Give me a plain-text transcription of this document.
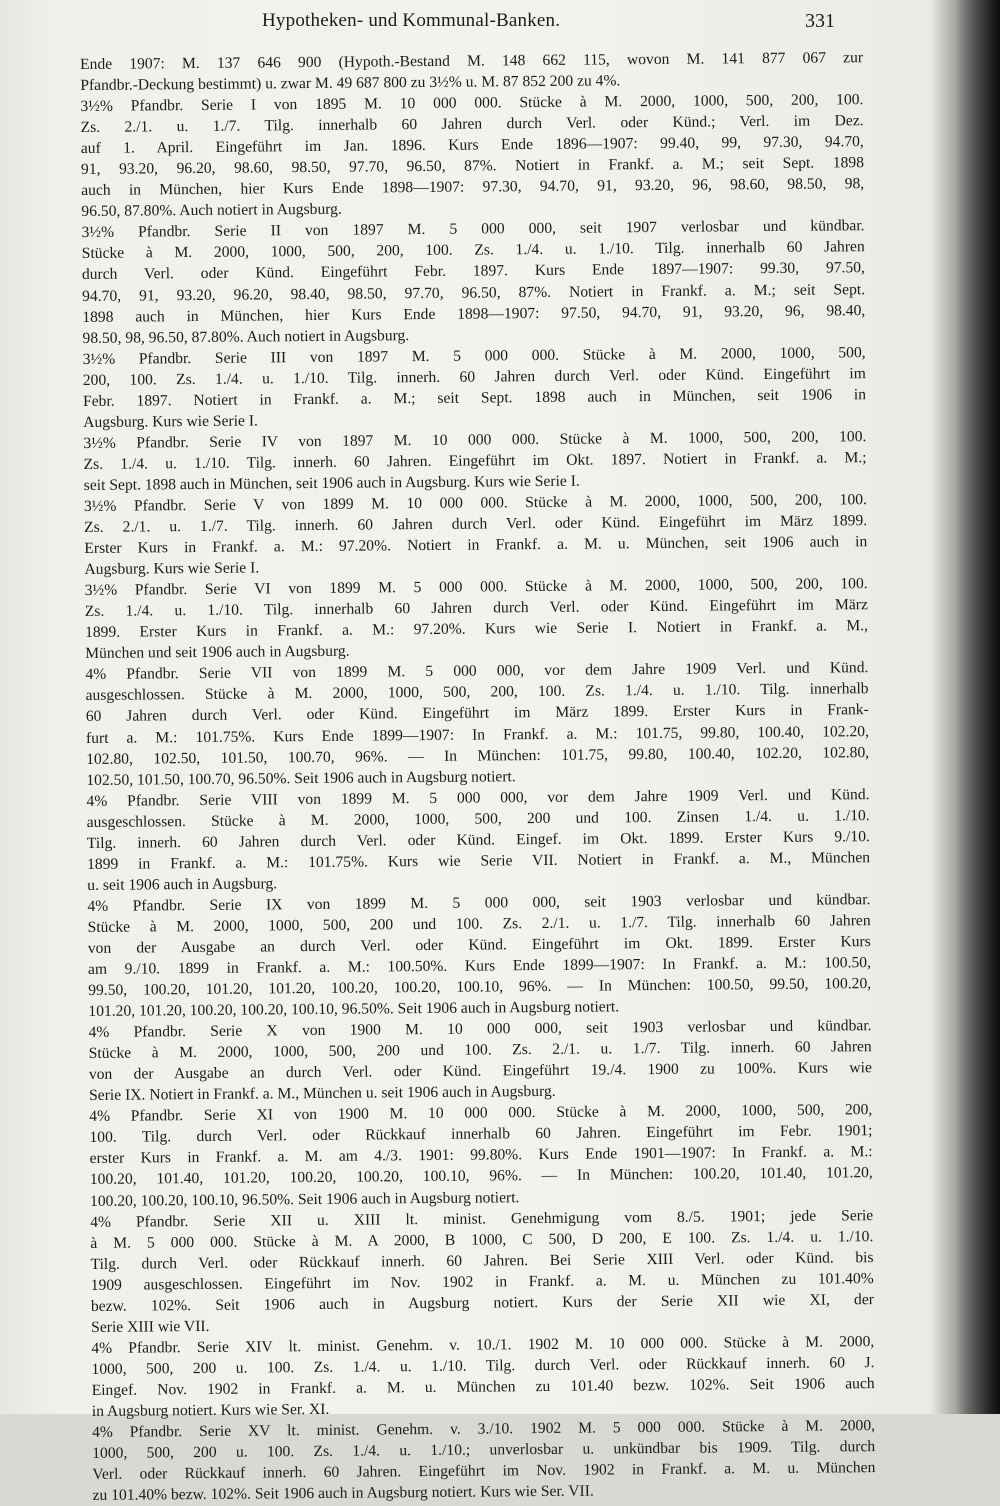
Hypotheken- und Kommunal-Banken.	331
Ende 1907: M. 137 646 900 (Hypoth.-Bestand M. 148 662 115, wovon M. 141 877 067 zur
Pfandbr.-Deckung bestimmt) u. zwar M. 49 687 800 zu 3½% u. M. 87 852 200 zu 4%.
3½% Pfandbr. Serie I von 1895 M. 10 000 000. Stücke à M. 2000, 1000, 500, 200, 100.
Zs. 2./1. u. 1./7. Tilg. innerhalb 60 Jahren durch Verl. oder Künd.; Verl. im Dez.
auf 1. April. Eingeführt im Jan. 1896. Kurs Ende 1896—1907: 99.40, 99, 97.30, 94.70,
91, 93.20, 96.20, 98.60, 98.50, 97.70, 96.50, 87%. Notiert in Frankf. a. M.; seit Sept. 1898
auch in München, hier Kurs Ende 1898—1907: 97.30, 94.70, 91, 93.20, 96, 98.60, 98.50, 98,
96.50, 87.80%. Auch notiert in Augsburg.
3½% Pfandbr. Serie II von 1897 M. 5 000 000, seit 1907 verlosbar und kündbar.
Stücke à M. 2000, 1000, 500, 200, 100. Zs. 1./4. u. 1./10. Tilg. innerhalb 60 Jahren
durch Verl. oder Künd. Eingeführt Febr. 1897. Kurs Ende 1897—1907: 99.30, 97.50,
94.70, 91, 93.20, 96.20, 98.40, 98.50, 97.70, 96.50, 87%. Notiert in Frankf. a. M.; seit Sept.
1898 auch in München, hier Kurs Ende 1898—1907: 97.50, 94.70, 91, 93.20, 96, 98.40,
98.50, 98, 96.50, 87.80%. Auch notiert in Augsburg.
3½% Pfandbr. Serie III von 1897 M. 5 000 000. Stücke à M. 2000, 1000, 500,
200, 100. Zs. 1./4. u. 1./10. Tilg. innerh. 60 Jahren durch Verl. oder Künd. Eingeführt im
Febr. 1897. Notiert in Frankf. a. M.; seit Sept. 1898 auch in München, seit 1906 in
Augsburg. Kurs wie Serie I.
3½% Pfandbr. Serie IV von 1897 M. 10 000 000. Stücke à M. 1000, 500, 200, 100.
Zs. 1./4. u. 1./10. Tilg. innerh. 60 Jahren. Eingeführt im Okt. 1897. Notiert in Frankf. a. M.;
seit Sept. 1898 auch in München, seit 1906 auch in Augsburg. Kurs wie Serie I.
3½% Pfandbr. Serie V von 1899 M. 10 000 000. Stücke à M. 2000, 1000, 500, 200, 100.
Zs. 2./1. u. 1./7. Tilg. innerh. 60 Jahren durch Verl. oder Künd. Eingeführt im März 1899.
Erster Kurs in Frankf. a. M.: 97.20%. Notiert in Frankf. a. M. u. München, seit 1906 auch in
Augsburg. Kurs wie Serie I.
3½% Pfandbr. Serie VI von 1899 M. 5 000 000. Stücke à M. 2000, 1000, 500, 200, 100.
Zs. 1./4. u. 1./10. Tilg. innerhalb 60 Jahren durch Verl. oder Künd. Eingeführt im März
1899. Erster Kurs in Frankf. a. M.: 97.20%. Kurs wie Serie I. Notiert in Frankf. a. M.,
München und seit 1906 auch in Augsburg.
4% Pfandbr. Serie VII von 1899 M. 5 000 000, vor dem Jahre 1909 Verl. und Künd.
ausgeschlossen. Stücke à M. 2000, 1000, 500, 200, 100. Zs. 1./4. u. 1./10. Tilg. innerhalb
60 Jahren durch Verl. oder Künd. Eingeführt im März 1899. Erster Kurs in Frank-
furt a. M.: 101.75%. Kurs Ende 1899—1907: In Frankf. a. M.: 101.75, 99.80, 100.40, 102.20,
102.80, 102.50, 101.50, 100.70, 96%. — In München: 101.75, 99.80, 100.40, 102.20, 102.80,
102.50, 101.50, 100.70, 96.50%. Seit 1906 auch in Augsburg notiert.
4% Pfandbr. Serie VIII von 1899 M. 5 000 000, vor dem Jahre 1909 Verl. und Künd.
ausgeschlossen. Stücke à M. 2000, 1000, 500, 200 und 100. Zinsen 1./4. u. 1./10.
Tilg. innerh. 60 Jahren durch Verl. oder Künd. Eingef. im Okt. 1899. Erster Kurs 9./10.
1899 in Frankf. a. M.: 101.75%. Kurs wie Serie VII. Notiert in Frankf. a. M., München
u. seit 1906 auch in Augsburg.
4% Pfandbr. Serie IX von 1899 M. 5 000 000, seit 1903 verlosbar und kündbar.
Stücke à M. 2000, 1000, 500, 200 und 100. Zs. 2./1. u. 1./7. Tilg. innerhalb 60 Jahren
von der Ausgabe an durch Verl. oder Künd. Eingeführt im Okt. 1899. Erster Kurs
am 9./10. 1899 in Frankf. a. M.: 100.50%. Kurs Ende 1899—1907: In Frankf. a. M.: 100.50,
99.50, 100.20, 101.20, 101.20, 100.20, 100.20, 100.10, 96%. — In München: 100.50, 99.50, 100.20,
101.20, 101.20, 100.20, 100.20, 100.10, 96.50%. Seit 1906 auch in Augsburg notiert.
4% Pfandbr. Serie X von 1900 M. 10 000 000, seit 1903 verlosbar und kündbar.
Stücke à M. 2000, 1000, 500, 200 und 100. Zs. 2./1. u. 1./7. Tilg. innerh. 60 Jahren
von der Ausgabe an durch Verl. oder Künd. Eingeführt 19./4. 1900 zu 100%. Kurs wie
Serie IX. Notiert in Frankf. a. M., München u. seit 1906 auch in Augsburg.
4% Pfandbr. Serie XI von 1900 M. 10 000 000. Stücke à M. 2000, 1000, 500, 200,
100. Tilg. durch Verl. oder Rückkauf innerhalb 60 Jahren. Eingeführt im Febr. 1901;
erster Kurs in Frankf. a. M. am 4./3. 1901: 99.80%. Kurs Ende 1901—1907: In Frankf. a. M.:
100.20, 101.40, 101.20, 100.20, 100.20, 100.10, 96%. — In München: 100.20, 101.40, 101.20,
100.20, 100.20, 100.10, 96.50%. Seit 1906 auch in Augsburg notiert.
4% Pfandbr. Serie XII u. XIII lt. minist. Genehmigung vom 8./5. 1901; jede Serie
à M. 5 000 000. Stücke à M. A 2000, B 1000, C 500, D 200, E 100. Zs. 1./4. u. 1./10.
Tilg. durch Verl. oder Rückkauf innerh. 60 Jahren. Bei Serie XIII Verl. oder Künd. bis
1909 ausgeschlossen. Eingeführt im Nov. 1902 in Frankf. a. M. u. München zu 101.40%
bezw. 102%. Seit 1906 auch in Augsburg notiert. Kurs der Serie XII wie XI, der
Serie XIII wie VII.
4% Pfandbr. Serie XIV lt. minist. Genehm. v. 10./1. 1902 M. 10 000 000. Stücke à M. 2000,
1000, 500, 200 u. 100. Zs. 1./4. u. 1./10. Tilg. durch Verl. oder Rückkauf innerh. 60 J.
Eingef. Nov. 1902 in Frankf. a. M. u. München zu 101.40 bezw. 102%. Seit 1906 auch
in Augsburg notiert. Kurs wie Ser. XI.
4% Pfandbr. Serie XV lt. minist. Genehm. v. 3./10. 1902 M. 5 000 000. Stücke à M. 2000,
1000, 500, 200 u. 100. Zs. 1./4. u. 1./10.; unverlosbar u. unkündbar bis 1909. Tilg. durch
Verl. oder Rückkauf innerh. 60 Jahren. Eingeführt im Nov. 1902 in Frankf. a. M. u. München
zu 101.40% bezw. 102%. Seit 1906 auch in Augsburg notiert. Kurs wie Ser. VII.
